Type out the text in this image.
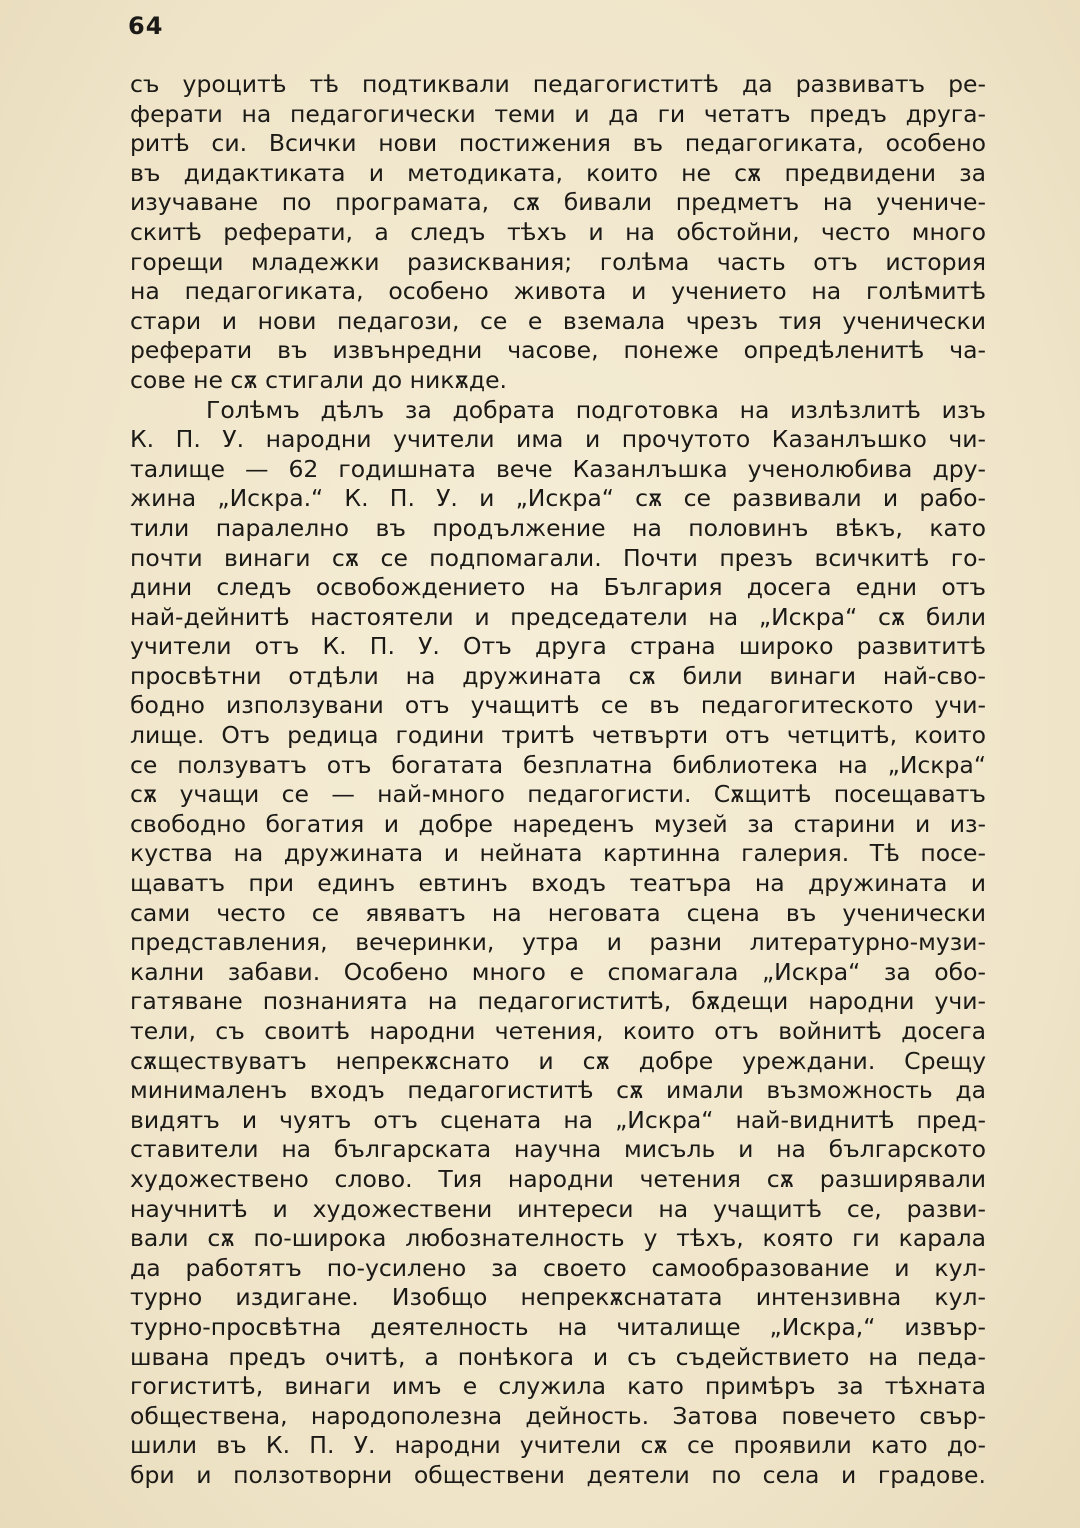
64
съ уроцитѣ тѣ подтиквали педагогиститѣ да развиватъ ре-
ферати на педагогически теми и да ги четатъ предъ друга-
ритѣ си. Всички нови постижения въ педагогиката, особено
въ дидактиката и методиката, които не сѫ предвидени за
изучаване по програмата, сѫ бивали предметъ на учениче-
скитѣ реферати, а следъ тѣхъ и на обстойни, често много
горещи младежки разисквания; голѣма часть отъ история
на педагогиката, особено живота и учението на голѣмитѣ
стари и нови педагози, се е вземала чрезъ тия ученически
реферати въ извънредни часове, понеже опредѣленитѣ ча-
сове не сѫ стигали до никѫде.
Голѣмъ дѣлъ за добрата подготовка на излѣзлитѣ изъ
К. П. У. народни учители има и прочутото Казанлъшко чи-
талище — 62 годишната вече Казанлъшка ученолюбива дру-
жина „Искра.“ К. П. У. и „Искра“ сѫ се развивали и рабо-
тили паралелно въ продължение на половинъ вѣкъ, като
почти винаги сѫ се подпомагали. Почти презъ всичкитѣ го-
дини следъ освобождението на България досега едни отъ
най-дейнитѣ настоятели и председатели на „Искра“ сѫ били
учители отъ К. П. У. Отъ друга страна широко развититѣ
просвѣтни отдѣли на дружината сѫ били винаги най-сво-
бодно използувани отъ учащитѣ се въ педагогитеското учи-
лище. Отъ редица години тритѣ четвърти отъ четцитѣ, които
се ползуватъ отъ богатата безплатна библиотека на „Искра“
сѫ учащи се — най-много педагогисти. Сѫщитѣ посещаватъ
свободно богатия и добре нареденъ музей за старини и из-
куства на дружината и нейната картинна галерия. Тѣ посе-
щаватъ при единъ евтинъ входъ театъра на дружината и
сами често се явяватъ на неговата сцена въ ученически
представления, вечеринки, утра и разни литературно-музи-
кални забави. Особено много е спомагала „Искра“ за обо-
гатяване познанията на педагогиститѣ, бѫдещи народни учи-
тели, съ своитѣ народни четения, които отъ войнитѣ досега
сѫществуватъ непрекѫснато и сѫ добре уреждани. Срещу
минималенъ входъ педагогиститѣ сѫ имали възможность да
видятъ и чуятъ отъ сцената на „Искра“ най-виднитѣ пред-
ставители на българската научна мисъль и на българското
художествено слово. Тия народни четения сѫ разширявали
научнитѣ и художествени интереси на учащитѣ се, разви-
вали сѫ по-широка любознателность у тѣхъ, която ги карала
да работятъ по-усилено за своето самообразование и кул-
турно издигане. Изобщо непрекѫснатата интензивна кул-
турно-просвѣтна деятелность на читалище „Искра,“ извър-
швана предъ очитѣ, а понѣкога и съ съдействието на педа-
гогиститѣ, винаги имъ е служила като примѣръ за тѣхната
обществена, народополезна дейность. Затова повечето свър-
шили въ К. П. У. народни учители сѫ се проявили като до-
бри и ползотворни обществени деятели по села и градове.
